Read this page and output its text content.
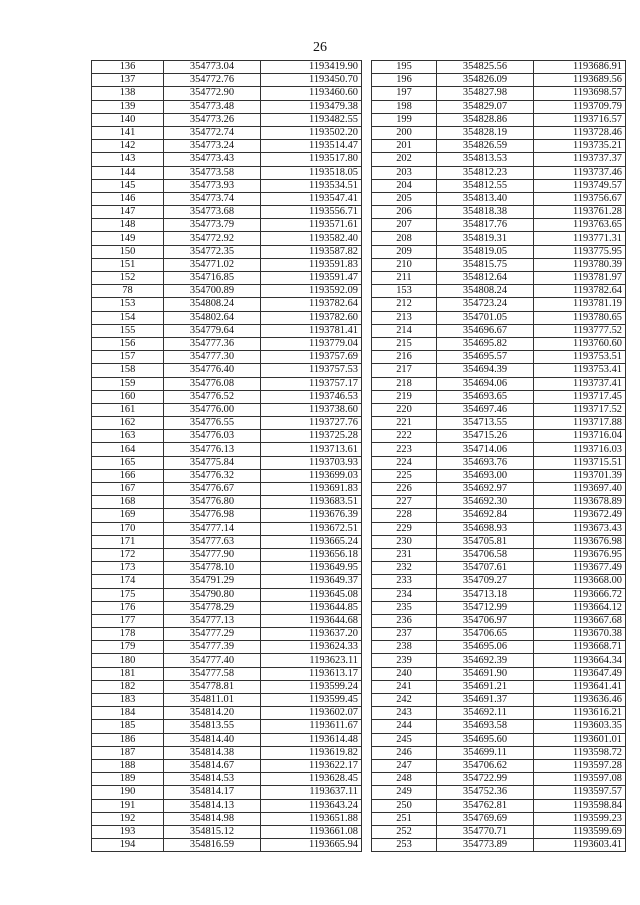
26
136	354773.04	1193419.90
137	354772.76	1193450.70
138	354772.90	1193460.60
139	354773.48	1193479.38
140	354773.26	1193482.55
141	354772.74	1193502.20
142	354773.24	1193514.47
143	354773.43	1193517.80
144	354773.58	1193518.05
145	354773.93	1193534.51
146	354773.74	1193547.41
147	354773.68	1193556.71
148	354773.79	1193571.61
149	354772.92	1193582.40
150	354772.35	1193587.82
151	354771.02	1193591.83
152	354716.85	1193591.47
78	354700.89	1193592.09
153	354808.24	1193782.64
154	354802.64	1193782.60
155	354779.64	1193781.41
156	354777.36	1193779.04
157	354777.30	1193757.69
158	354776.40	1193757.53
159	354776.08	1193757.17
160	354776.52	1193746.53
161	354776.00	1193738.60
162	354776.55	1193727.76
163	354776.03	1193725.28
164	354776.13	1193713.61
165	354775.84	1193703.93
166	354776.32	1193699.03
167	354776.67	1193691.83
168	354776.80	1193683.51
169	354776.98	1193676.39
170	354777.14	1193672.51
171	354777.63	1193665.24
172	354777.90	1193656.18
173	354778.10	1193649.95
174	354791.29	1193649.37
175	354790.80	1193645.08
176	354778.29	1193644.85
177	354777.13	1193644.68
178	354777.29	1193637.20
179	354777.39	1193624.33
180	354777.40	1193623.11
181	354777.58	1193613.17
182	354778.81	1193599.24
183	354811.01	1193599.45
184	354814.20	1193602.07
185	354813.55	1193611.67
186	354814.40	1193614.48
187	354814.38	1193619.82
188	354814.67	1193622.17
189	354814.53	1193628.45
190	354814.17	1193637.11
191	354814.13	1193643.24
192	354814.98	1193651.88
193	354815.12	1193661.08
194	354816.59	1193665.94
195	354825.56	1193686.91
196	354826.09	1193689.56
197	354827.98	1193698.57
198	354829.07	1193709.79
199	354828.86	1193716.57
200	354828.19	1193728.46
201	354826.59	1193735.21
202	354813.53	1193737.37
203	354812.23	1193737.46
204	354812.55	1193749.57
205	354813.40	1193756.67
206	354818.38	1193761.28
207	354817.76	1193763.65
208	354819.31	1193771.31
209	354819.05	1193775.95
210	354815.75	1193780.39
211	354812.64	1193781.97
153	354808.24	1193782.64
212	354723.24	1193781.19
213	354701.05	1193780.65
214	354696.67	1193777.52
215	354695.82	1193760.60
216	354695.57	1193753.51
217	354694.39	1193753.41
218	354694.06	1193737.41
219	354693.65	1193717.45
220	354697.46	1193717.52
221	354713.55	1193717.88
222	354715.26	1193716.04
223	354714.06	1193716.03
224	354693.76	1193715.51
225	354693.00	1193701.39
226	354692.97	1193697.40
227	354692.30	1193678.89
228	354692.84	1193672.49
229	354698.93	1193673.43
230	354705.81	1193676.98
231	354706.58	1193676.95
232	354707.61	1193677.49
233	354709.27	1193668.00
234	354713.18	1193666.72
235	354712.99	1193664.12
236	354706.97	1193667.68
237	354706.65	1193670.38
238	354695.06	1193668.71
239	354692.39	1193664.34
240	354691.90	1193647.49
241	354691.21	1193641.41
242	354691.37	1193636.46
243	354692.11	1193616.21
244	354693.58	1193603.35
245	354695.60	1193601.01
246	354699.11	1193598.72
247	354706.62	1193597.28
248	354722.99	1193597.08
249	354752.36	1193597.57
250	354762.81	1193598.84
251	354769.69	1193599.23
252	354770.71	1193599.69
253	354773.89	1193603.41
